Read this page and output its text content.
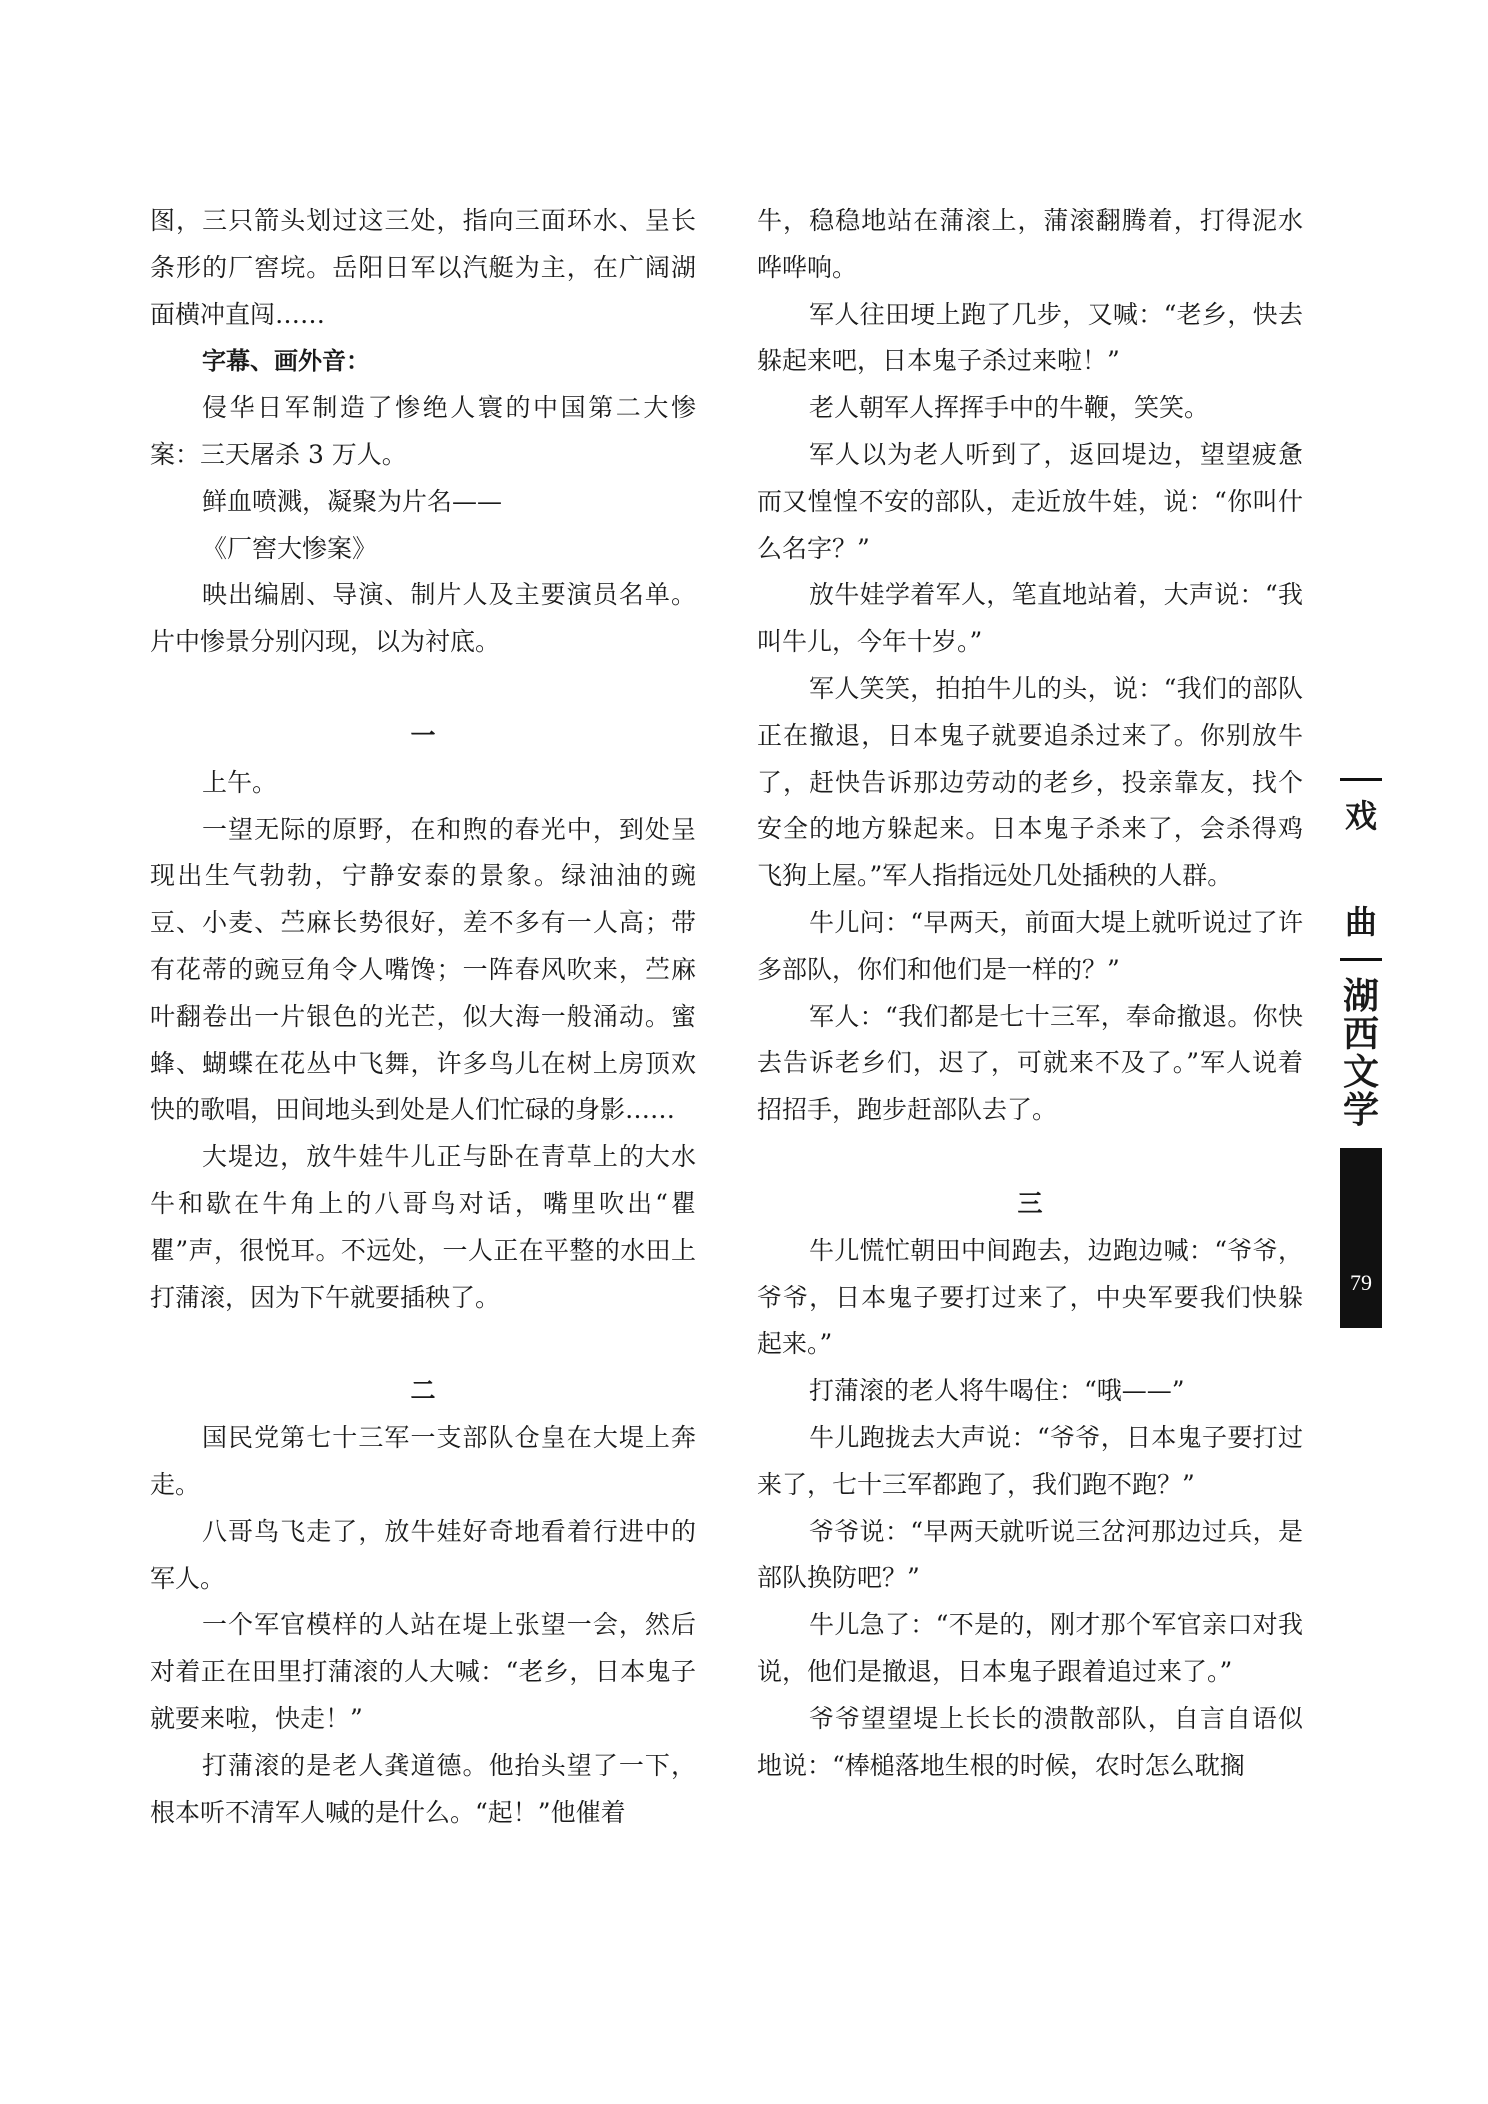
图，三只箭头划过这三处，指向三面环水、呈长条形的厂窖垸。岳阳日军以汽艇为主，在广阔湖面横冲直闯……

字幕、画外音：

侵华日军制造了惨绝人寰的中国第二大惨案：三天屠杀 3 万人。

鲜血喷溅，凝聚为片名——

《厂窖大惨案》

映出编剧、导演、制片人及主要演员名单。片中惨景分别闪现，以为衬底。

一

上午。

一望无际的原野，在和煦的春光中，到处呈现出生气勃勃，宁静安泰的景象。绿油油的豌豆、小麦、苎麻长势很好，差不多有一人高；带有花蒂的豌豆角令人嘴馋；一阵春风吹来，苎麻叶翻卷出一片银色的光芒，似大海一般涌动。蜜蜂、蝴蝶在花丛中飞舞，许多鸟儿在树上房顶欢快的歌唱，田间地头到处是人们忙碌的身影……

大堤边，放牛娃牛儿正与卧在青草上的大水牛和歇在牛角上的八哥鸟对话，嘴里吹出“瞿瞿”声，很悦耳。不远处，一人正在平整的水田上打蒲滚，因为下午就要插秧了。

二

国民党第七十三军一支部队仓皇在大堤上奔走。

八哥鸟飞走了，放牛娃好奇地看着行进中的军人。

一个军官模样的人站在堤上张望一会，然后对着正在田里打蒲滚的人大喊：“老乡，日本鬼子就要来啦，快走！”

打蒲滚的是老人龚道德。他抬头望了一下，根本听不清军人喊的是什么。“起！”他催着

牛，稳稳地站在蒲滚上，蒲滚翻腾着，打得泥水哗哗响。

军人往田埂上跑了几步，又喊：“老乡，快去躲起来吧，日本鬼子杀过来啦！”

老人朝军人挥挥手中的牛鞭，笑笑。

军人以为老人听到了，返回堤边，望望疲惫而又惶惶不安的部队，走近放牛娃，说：“你叫什么名字？”

放牛娃学着军人，笔直地站着，大声说：“我叫牛儿，今年十岁。”

军人笑笑，拍拍牛儿的头，说：“我们的部队正在撤退，日本鬼子就要追杀过来了。你别放牛了，赶快告诉那边劳动的老乡，投亲靠友，找个安全的地方躲起来。日本鬼子杀来了，会杀得鸡飞狗上屋。”军人指指远处几处插秧的人群。

牛儿问：“早两天，前面大堤上就听说过了许多部队，你们和他们是一样的？”

军人：“我们都是七十三军，奉命撤退。你快去告诉老乡们，迟了，可就来不及了。”军人说着招招手，跑步赶部队去了。

三

牛儿慌忙朝田中间跑去，边跑边喊：“爷爷，爷爷，日本鬼子要打过来了，中央军要我们快躲起来。”

打蒲滚的老人将牛喝住：“哦——”

牛儿跑拢去大声说：“爷爷，日本鬼子要打过来了，七十三军都跑了，我们跑不跑？”

爷爷说：“早两天就听说三岔河那边过兵，是部队换防吧？”

牛儿急了：“不是的，刚才那个军官亲口对我说，他们是撤退，日本鬼子跟着追过来了。”

爷爷望望堤上长长的溃散部队，自言自语似地说：“棒槌落地生根的时候，农时怎么耽搁

戏
曲
湖
西
文
学
79
